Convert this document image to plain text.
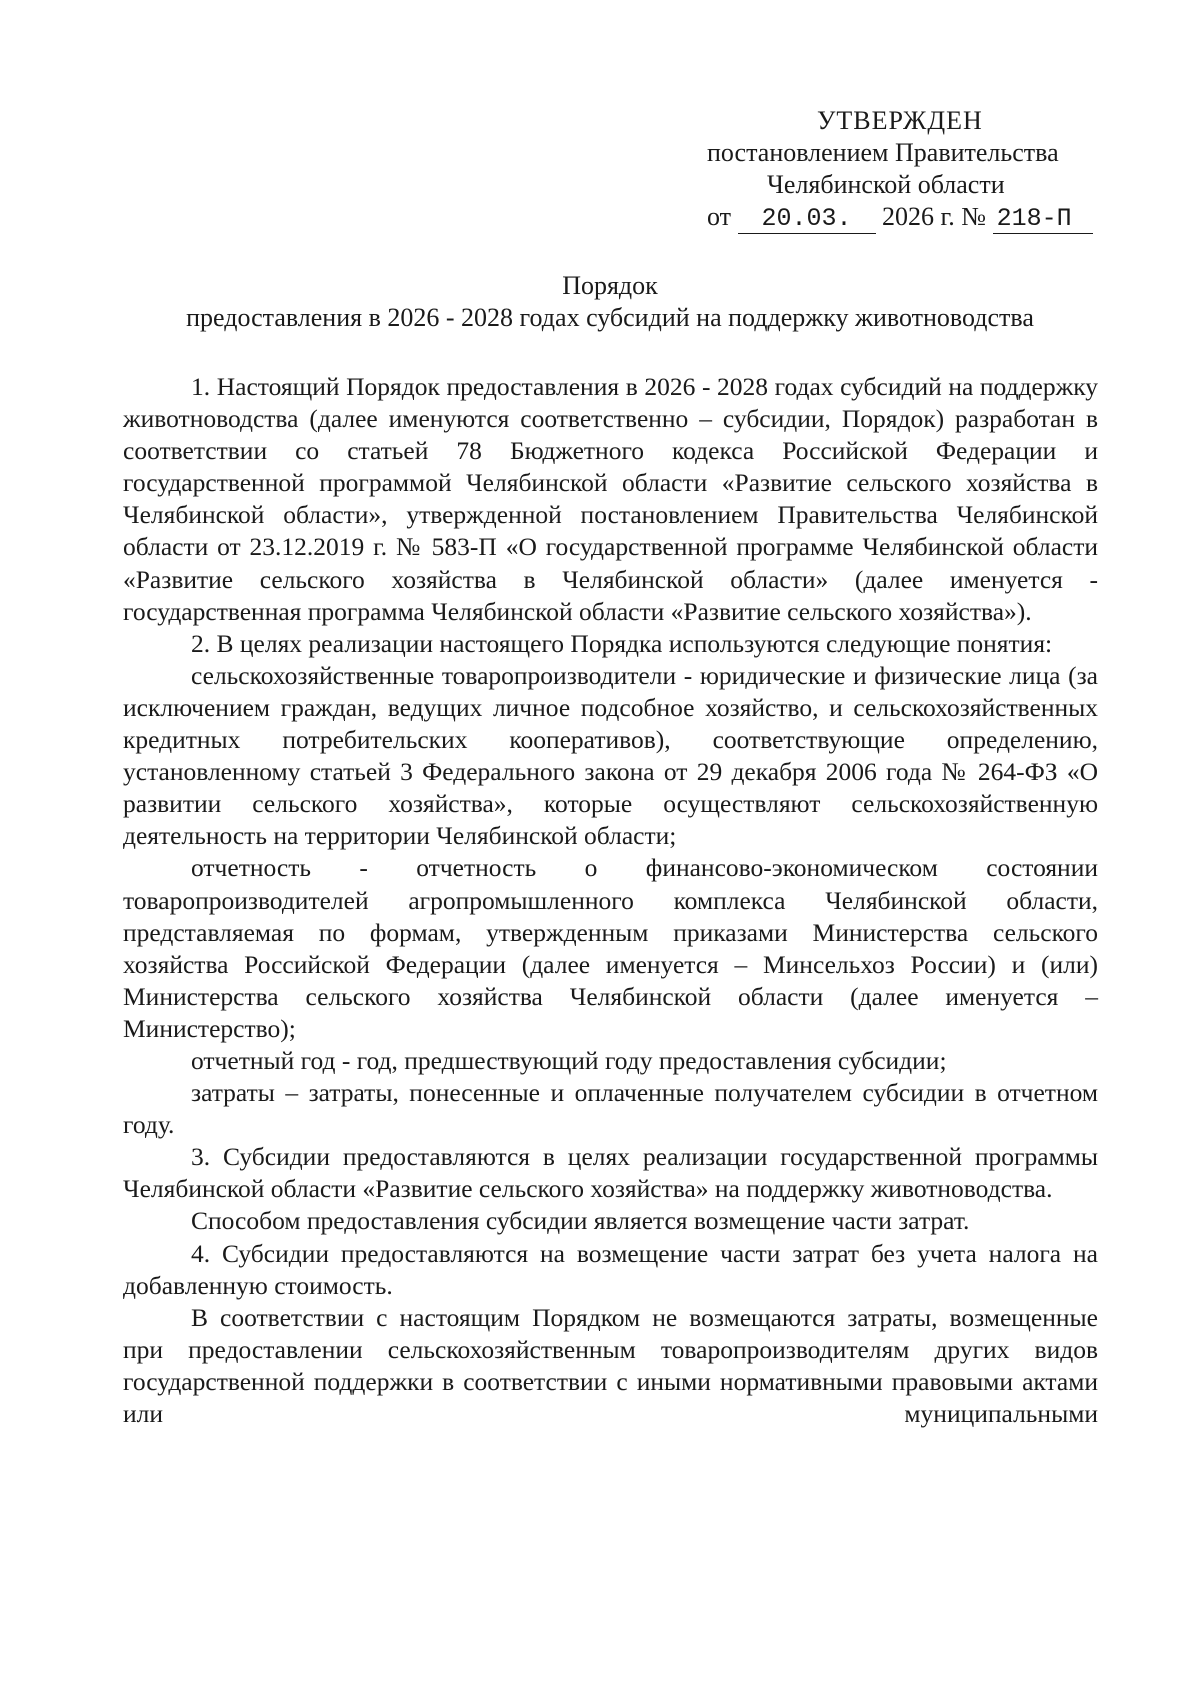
УТВЕРЖДЕН
постановлением Правительства
Челябинской области
от 20.03. 2026 г. № 218-П
Порядок
предоставления в 2026 - 2028 годах субсидий на поддержку животноводства

1. Настоящий Порядок предоставления в 2026 - 2028 годах субсидий на поддержку животноводства (далее именуются соответственно – субсидии, Порядок) разработан в соответствии со статьей 78 Бюджетного кодекса Российской Федерации и государственной программой Челябинской области «Развитие сельского хозяйства в Челябинской области», утвержденной постановлением Правительства Челябинской области от 23.12.2019 г. № 583-П «О государственной программе Челябинской области «Развитие сельского хозяйства в Челябинской области» (далее именуется - государственная программа Челябинской области «Развитие сельского хозяйства»).

2. В целях реализации настоящего Порядка используются следующие понятия:

сельскохозяйственные товаропроизводители - юридические и физические лица (за исключением граждан, ведущих личное подсобное хозяйство, и сельскохозяйственных кредитных потребительских кооперативов), соответствующие определению, установленному статьей 3 Федерального закона от 29 декабря 2006 года № 264-ФЗ «О развитии сельского хозяйства», которые осуществляют сельскохозяйственную деятельность на территории Челябинской области;

отчетность - отчетность о финансово-экономическом состоянии товаропроизводителей агропромышленного комплекса Челябинской области, представляемая по формам, утвержденным приказами Министерства сельского хозяйства Российской Федерации (далее именуется – Минсельхоз России) и (или) Министерства сельского хозяйства Челябинской области (далее именуется – Министерство);

отчетный год - год, предшествующий году предоставления субсидии;

затраты – затраты, понесенные и оплаченные получателем субсидии в отчетном году.

3. Субсидии предоставляются в целях реализации государственной программы Челябинской области «Развитие сельского хозяйства» на поддержку животноводства.

Способом предоставления субсидии является возмещение части затрат.

4. Субсидии предоставляются на возмещение части затрат без учета налога на добавленную стоимость.

В соответствии с настоящим Порядком не возмещаются затраты, возмещенные при предоставлении сельскохозяйственным товаропроизводителям других видов государственной поддержки в соответствии с иными нормативными правовыми актами или муниципальными
